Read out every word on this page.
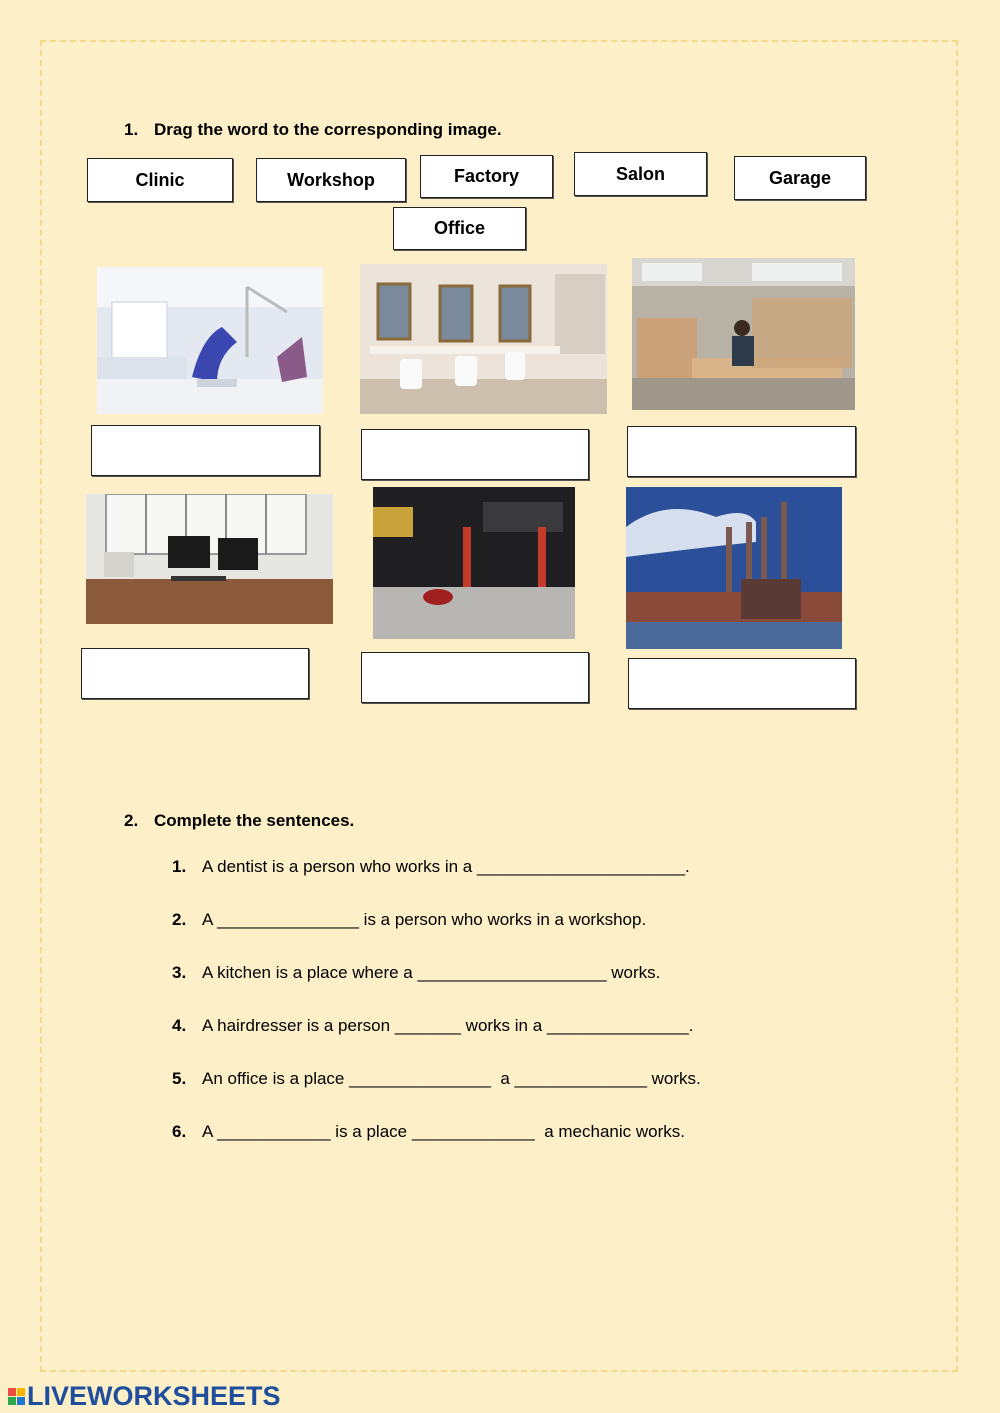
1. Drag the word to the corresponding image.
Clinic	Workshop	Factory	Salon	Garage
Office
2. Complete the sentences.
1. A dentist is a person who works in a ______________________.
2. A _______________ is a person who works in a workshop.
3. A kitchen is a place where a ____________________ works.
4. A hairdresser is a person _______ works in a _______________.
5. An office is a place _______________  a ______________ works.
6. A ____________ is a place _____________  a mechanic works.
LIVEWORKSHEETS
